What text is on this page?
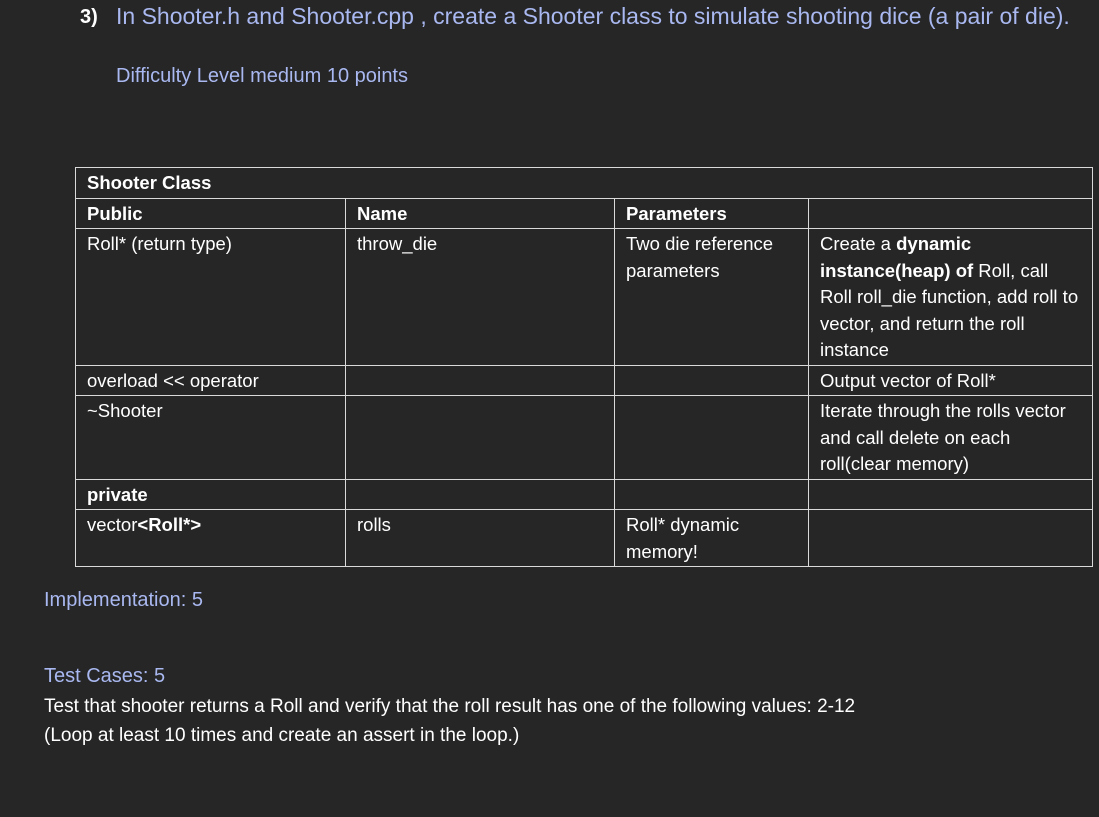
3) In Shooter.h and Shooter.cpp , create a Shooter class to simulate shooting dice (a pair of die).
Difficulty Level medium 10 points
Shooter Class			
Public	Name	Parameters	
Roll* (return type)	throw_die	Two die reference parameters	Create a dynamic instance(heap) of Roll, call Roll roll_die function, add roll to vector, and return the roll instance
overload << operator			Output vector of Roll*
~Shooter			Iterate through the rolls vector and call delete on each roll(clear memory)
private			
vector<Roll*>	rolls	Roll* dynamic memory!	
Implementation: 5
Test Cases: 5
Test that shooter returns a Roll and verify that the roll result has one of the following values: 2-12
(Loop at least 10 times and create an assert in the loop.)
